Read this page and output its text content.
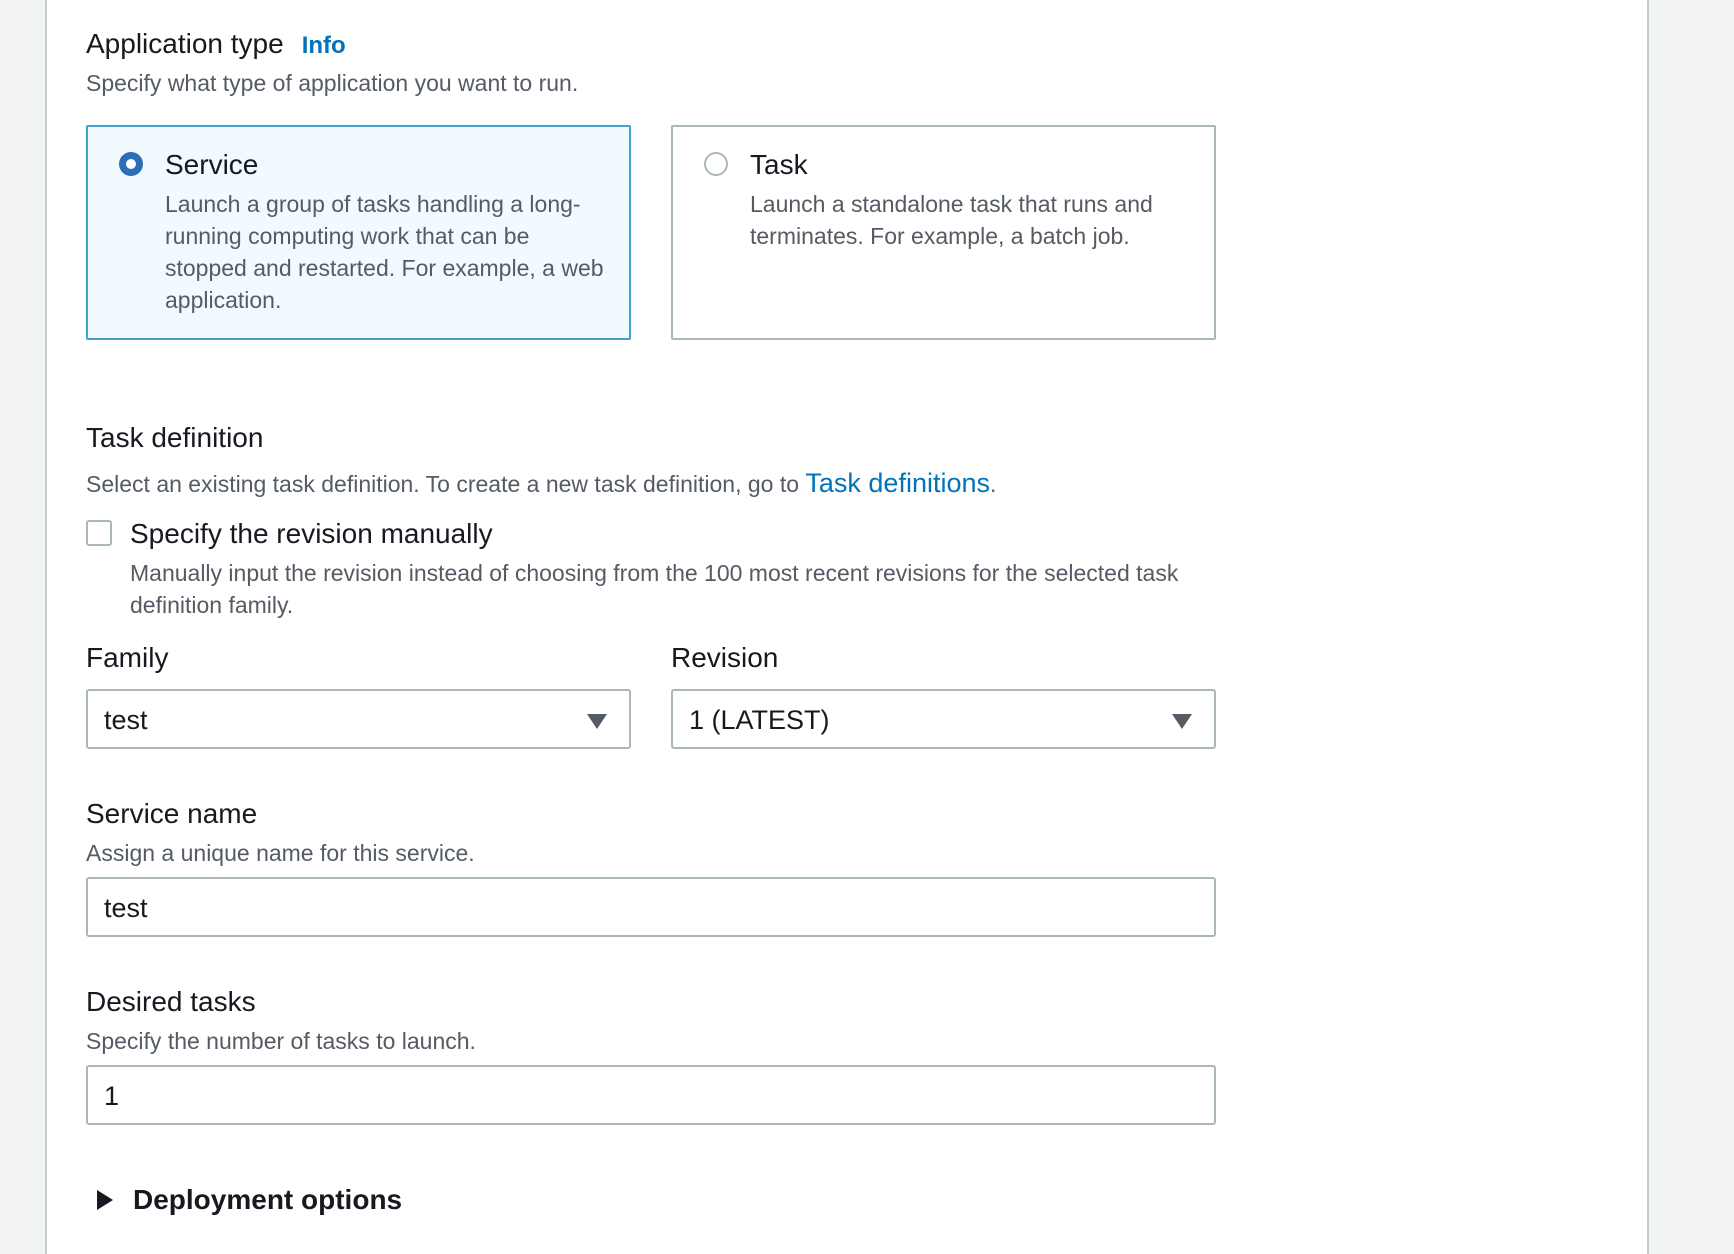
Application type Info
Specify what type of application you want to run.
Service
Launch a group of tasks handling a long-running computing work that can be stopped and restarted. For example, a web application.
Task
Launch a standalone task that runs and terminates. For example, a batch job.
Task definition
Select an existing task definition. To create a new task definition, go to Task definitions.
Specify the revision manually
Manually input the revision instead of choosing from the 100 most recent revisions for the selected task definition family.
Family	Revision
test	1 (LATEST)
Service name
Assign a unique name for this service.
test
Desired tasks
Specify the number of tasks to launch.
1
Deployment options
